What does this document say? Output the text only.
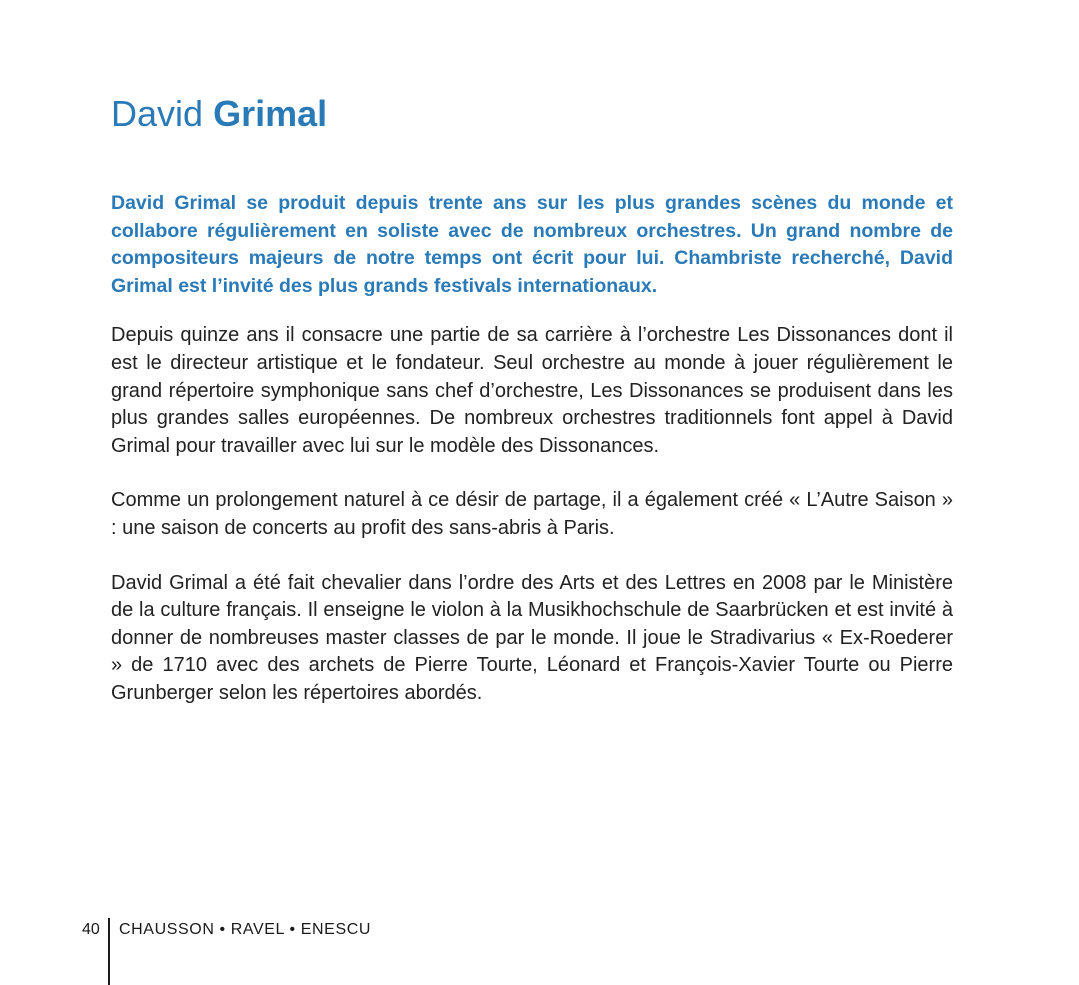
David Grimal

David Grimal se produit depuis trente ans sur les plus grandes scènes du monde et collabore régulièrement en soliste avec de nombreux orchestres. Un grand nombre de compositeurs majeurs de notre temps ont écrit pour lui. Chambriste recherché, David Grimal est l’invité des plus grands festivals internationaux.

Depuis quinze ans il consacre une partie de sa carrière à l’orchestre Les Dissonances dont il est le directeur artistique et le fondateur. Seul orchestre au monde à jouer régulièrement le grand répertoire symphonique sans chef d’orchestre, Les Dissonances se produisent dans les plus grandes salles européennes. De nombreux orchestres traditionnels font appel à David Grimal pour travailler avec lui sur le modèle des Dissonances.

Comme un prolongement naturel à ce désir de partage, il a également créé « L’Autre Saison » : une saison de concerts au profit des sans-abris à Paris.

David Grimal a été fait chevalier dans l’ordre des Arts et des Lettres en 2008 par le Ministère de la culture français. Il enseigne le violon à la Musikhochschule de Saarbrücken et est invité à donner de nombreuses master classes de par le monde. Il joue le Stradivarius « Ex-Roederer » de 1710 avec des archets de Pierre Tourte, Léonard et François-Xavier Tourte ou Pierre Grunberger selon les répertoires abordés.

40 CHAUSSON • RAVEL • ENESCU
